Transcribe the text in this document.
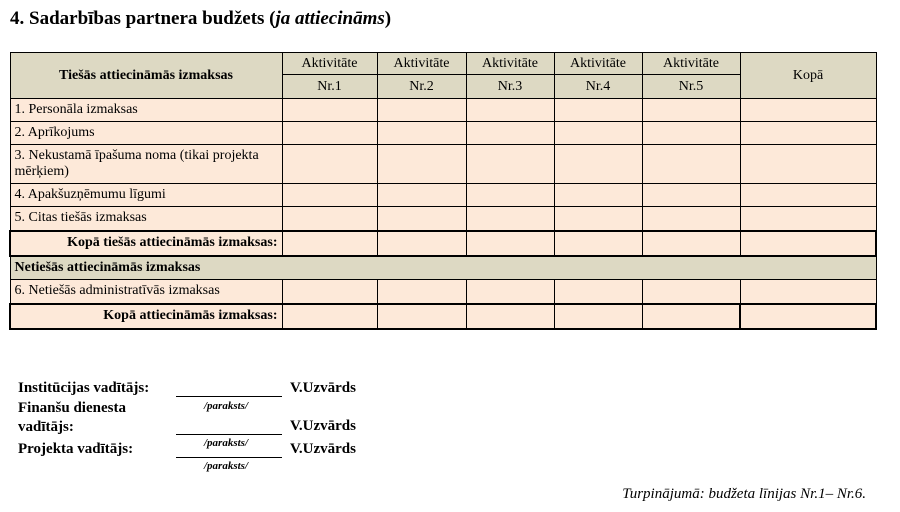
4. Sadarbības partnera budžets (ja attiecināms)
Tiešās attiecināmās izmaksas	Aktivitāte	Aktivitāte	Aktivitāte	Aktivitāte	Aktivitāte	Kopā
	Nr.1	Nr.2	Nr.3	Nr.4	Nr.5	
1. Personāla izmaksas						
2. Aprīkojums						
3. Nekustamā īpašuma noma (tikai projekta mērķiem)						
4. Apakšuzņēmumu līgumi						
5. Citas tiešās izmaksas						
Kopā tiešās attiecināmās izmaksas:						
Netiešās attiecināmās izmaksas						
6. Netiešās administratīvās izmaksas						
Kopā attiecināmās izmaksas:						
Institūcijas vadītājs:	V.Uzvārds
/paraksts/
Finanšu dienesta
vadītājs:	V.Uzvārds
/paraksts/
Projekta vadītājs:	V.Uzvārds
/paraksts/
Turpinājumā: budžeta līnijas Nr.1– Nr.6.
